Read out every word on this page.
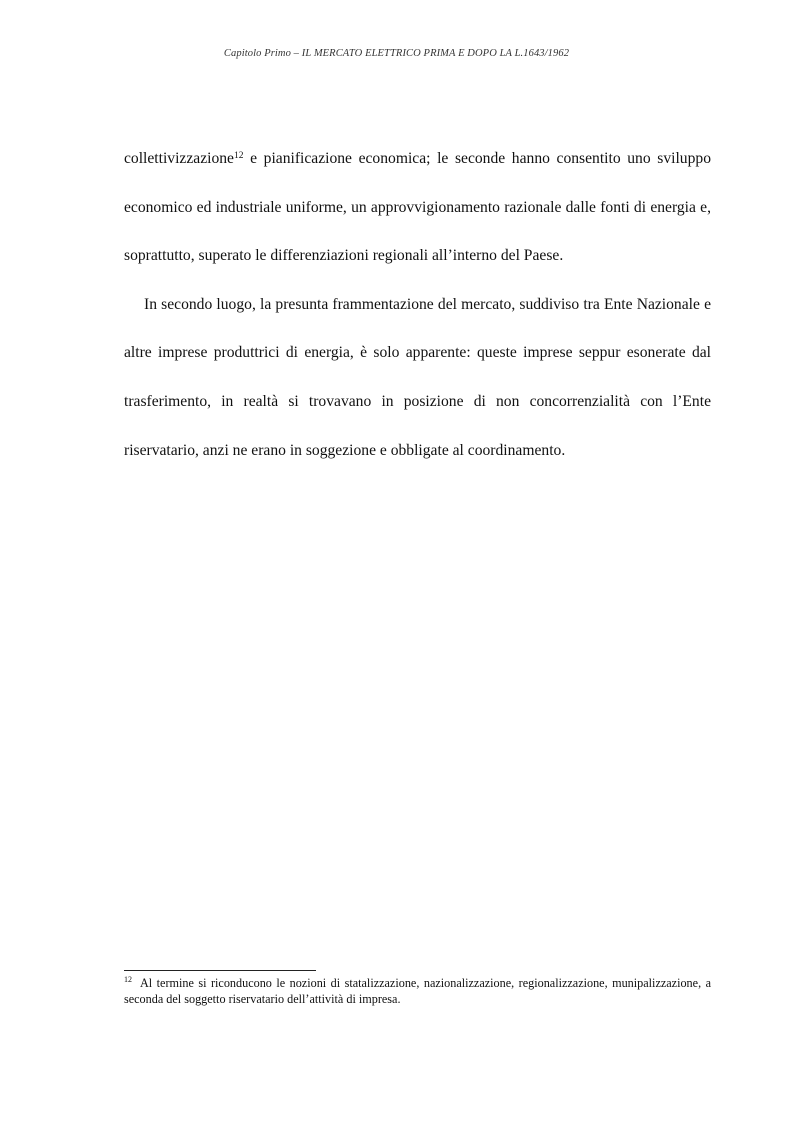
Capitolo Primo – IL MERCATO ELETTRICO PRIMA E DOPO LA L.1643/1962

collettivizzazione$^{12}$ e pianificazione economica; le seconde hanno consentito uno sviluppo economico ed industriale uniforme, un approvvigionamento razionale dalle fonti di energia e, soprattutto, superato le differenziazioni regionali all’interno del Paese.

In secondo luogo, la presunta frammentazione del mercato, suddiviso tra Ente Nazionale e altre imprese produttrici di energia, è solo apparente: queste imprese seppur esonerate dal trasferimento, in realtà si trovavano in posizione di non concorrenzialità con l’Ente riservatario, anzi ne erano in soggezione e obbligate al coordinamento.

$^{12}$ Al termine si riconducono le nozioni di statalizzazione, nazionalizzazione, regionalizzazione, munipalizzazione, a seconda del soggetto riservatario dell’attività di impresa.
